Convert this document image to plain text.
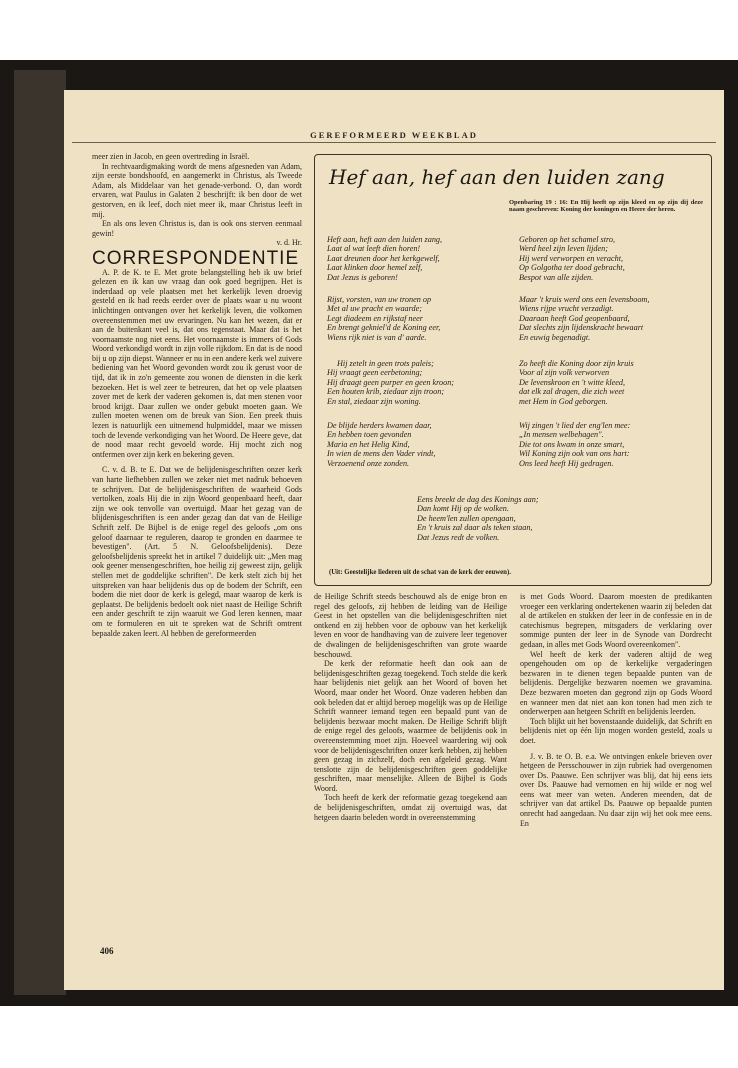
GEREFORMEERD WEEKBLAD

meer zien in Jacob, en geen overtreding in Israël.

In rechtvaardigmaking wordt de mens afgesneden van Adam, zijn eerste bondshoofd, en aangemerkt in Christus, als Tweede Adam, als Middelaar van het genade-verbond. O, dan wordt ervaren, wat Paulus in Galaten 2 beschrijft: ik ben door de wet gestorven, en ik leef, doch niet meer ik, maar Christus leeft in mij.

En als ons leven Christus is, dan is ook ons sterven eenmaal gewin!

v. d. Hr.

CORRESPONDENTIE

A. P. de K. te E. Met grote belangstelling heb ik uw brief gelezen en ik kan uw vraag dan ook goed begrijpen. Het is inderdaad op vele plaatsen met het kerkelijk leven droevig gesteld en ik had reeds eerder over de plaats waar u nu woont inlichtingen ontvangen over het kerkelijk leven, die volkomen overeenstemmen met uw ervaringen. Nu kan het wezen, dat er aan de buitenkant veel is, dat ons tegenstaat. Maar dat is het voornaamste nog niet eens. Het voornaamste is immers of Gods Woord verkondigd wordt in zijn volle rijkdom. En dat is de nood bij u op zijn diepst. Wanneer er nu in een andere kerk wel zuivere bediening van het Woord gevonden wordt zou ik gerust voor de tijd, dat ik in zo'n gemeente zou wonen de diensten in die kerk bezoeken. Het is wel zeer te betreuren, dat het op vele plaatsen zover met de kerk der vaderen gekomen is, dat men stenen voor brood krijgt. Daar zullen we onder gebukt moeten gaan. We zullen moeten wenen om de breuk van Sion. Een preek thuis lezen is natuurlijk een uitnemend hulpmiddel, maar we missen toch de levende verkondiging van het Woord. De Heere geve, dat de nood maar recht gevoeld worde. Hij mocht zich nog ontfermen over zijn kerk en bekering geven.

C. v. d. B. te E. Dat we de belijdenisgeschriften onzer kerk van harte liefhebben zullen we zeker niet met nadruk behoeven te schrijven. Dat de belijdenisgeschriften de waarheid Gods vertolken, zoals Hij die in zijn Woord geopenbaard heeft, daar zijn we ook tenvolle van overtuigd. Maar het gezag van de blijdenisgeschriften is een ander gezag dan dat van de Heilige Schrift zelf. De Bijbel is de enige regel des geloofs „om ons geloof daarnaar te reguleren, daarop te gronden en daarmee te bevestigen". (Art. 5 N. Geloofsbelijdenis). Deze geloofsbelijdenis spreekt het in artikel 7 duidelijk uit: „Men mag ook geener mensengeschriften, hoe heilig zij geweest zijn, gelijk stellen met de goddelijke schriften". De kerk stelt zich bij het uitspreken van haar belijdenis dus op de bodem der Schrift, een bodem die niet door de kerk is gelegd, maar waarop de kerk is geplaatst. De belijdenis bedoelt ook niet naast de Heilige Schrift een ander geschrift te zijn waaruit we God leren kennen, maar om te formuleren en uit te spreken wat de Schrift omtrent bepaalde zaken leert. Al hebben de gereformeerden

Hef aan, hef aan den luiden zang
Openbaring 19 : 16: En Hij heeft op zijn kleed en op zijn dij deze naam geschreven: Koning der koningen en Heere der heren.
Heft aan, heft aan den luiden zang,
Laat al wat leeft dien horen!
Laat dreunen door het kerkgewelf,
Laat klinken door hemel zelf,
Dat Jezus is geboren!
Rijst, vorsten, van uw tronen op
Met al uw pracht en waarde;
Legt diadeem en rijkstaf neer
En brengt gekniel'd de Koning eer,
Wiens rijk niet is van d' aarde.
Hij zetelt in geen trots paleis;
Hij vraagt geen eerbetoning;
Hij draagt geen purper en geen kroon;
Een houten krib, ziedaar zijn troon;
En stal, ziedaar zijn woning.
De blijde herders kwamen daar,
En hebben toen gevonden
Maria en het Helig Kind,
In wien de mens den Vader vindt,
Verzoenend onze zonden.
Geboren op het schamel stro,
Werd heel zijn leven lijden;
Hij werd verworpen en veracht,
Op Golgotha ter dood gebracht,
Bespot van alle zijden.
Maar 't kruis werd ons een levensboom,
Wiens rijpe vrucht verzadigt.
Daaraan heeft God geopenbaard,
Dat slechts zijn lijdenskracht bewaart
En euwig begenadigt.
Zo heeft die Koning door zijn kruis
Voor al zijn volk verworven
De levenskroon en 't witte kleed,
dat elk zal dragen, die zich weet
met Hem in God geborgen.
Wij zingen 't lied der eng'len mee:
„In mensen welbehagen".
Die tot ons kwam in onze smart,
Wil Koning zijn ook van ons hart:
Ons leed heeft Hij gedragen.
Eens breekt de dag des Konings aan;
Dan komt Hij op de wolken.
De heem'len zullen opengaan,
En 't kruis zal daar als teken staan,
Dat Jezus redt de volken.
(Uit: Geestelijke liederen uit de schat van de kerk der eeuwen).

de Heilige Schrift steeds beschouwd als de enige bron en regel des geloofs, zij hebben de leiding van de Heilige Geest in het opstellen van die belijdenisgeschriften niet ontkend en zij hebben voor de opbouw van het kerkelijk leven en voor de handhaving van de zuivere leer tegenover de dwalingen de belijdenisgeschriften van grote waarde beschouwd.

De kerk der reformatie heeft dan ook aan de belijdenisgeschriften gezag toegekend. Toch stelde die kerk haar belijdenis niet gelijk aan het Woord of boven het Woord, maar onder het Woord. Onze vaderen hebben dan ook beleden dat er altijd beroep mogelijk was op de Heilige Schrift wanneer iemand tegen een bepaald punt van de belijdenis bezwaar mocht maken. De Heilige Schrift blijft de enige regel des geloofs, waarmee de belijdenis ook in overeenstemming moet zijn. Hoeveel waardering wij ook voor de belijdenisgeschriften onzer kerk hebben, zij hebben geen gezag in zichzelf, doch een afgeleid gezag. Want tenslotte zijn de belijdenisgeschriften geen goddelijke geschriften, maar menselijke. Alleen de Bijbel is Gods Woord.

Toch heeft de kerk der reformatie gezag toegekend aan de belijdenisgeschriften, omdat zij overtuigd was, dat hetgeen daarin beleden wordt in overeenstemming

is met Gods Woord. Daarom moesten de predikanten vroeger een verklaring ondertekenen waarin zij beleden dat al de artikelen en stukken der leer in de confessie en in de catechismus begrepen, mitsgaders de verklaring over sommige punten der leer in de Synode van Dordrecht gedaan, in alles met Gods Woord overeenkomen".

Wel heeft de kerk der vaderen altijd de weg opengehouden om op de kerkelijke vergaderingen bezwaren in te dienen tegen bepaalde punten van de belijdenis. Dergelijke bezwaren noemen we gravamina. Deze bezwaren moeten dan gegrond zijn op Gods Woord en wanneer men dat niet aan kon tonen had men zich te onderwerpen aan hetgeen Schrift en belijdenis leerden.

Toch blijkt uit het bovenstaande duidelijk, dat Schrift en belijdenis niet op één lijn mogen worden gesteld, zoals u doet.

J. v. B. te O. B. e.a. We ontvingen enkele brieven over hetgeen de Persschouwer in zijn rubriek had overgenomen over Ds. Paauwe. Een schrijver was blij, dat hij eens iets over Ds. Paauwe had vernomen en hij wilde er nog wel eens wat meer van weten. Anderen meenden, dat de schrijver van dat artikel Ds. Paauwe op bepaalde punten onrecht had aangedaan. Nu daar zijn wij het ook mee eens. En

406
